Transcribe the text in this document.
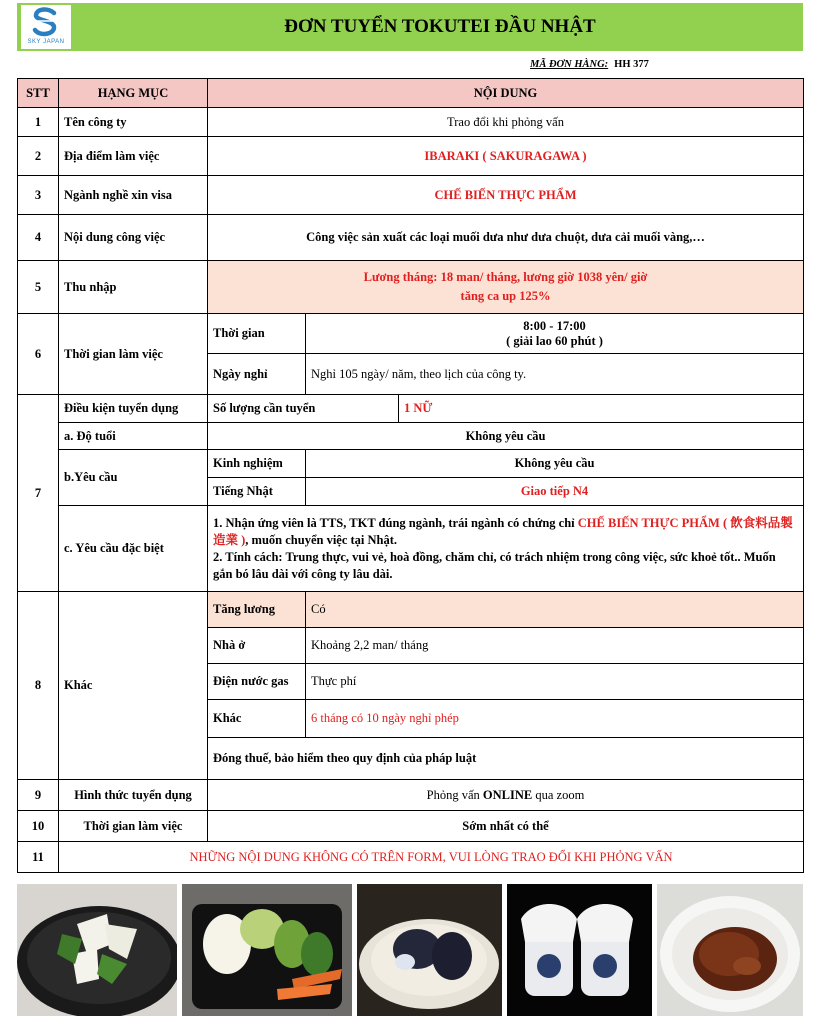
SKY JAPAN
ĐƠN TUYỂN TOKUTEI ĐẦU NHẬT
MÃ ĐƠN HÀNG: HH 377
STT	HẠNG MỤC	NỘI DUNG		
1	Tên công ty	Trao đổi khi phỏng vấn		
2	Địa điểm làm việc	IBARAKI ( SAKURAGAWA )		
3	Ngành nghề xin visa	CHẾ BIẾN THỰC PHẨM		
4	Nội dung công việc	Công việc sản xuất các loại muối dưa như dưa chuột, dưa cải muối vàng,…		
5	Thu nhập	Lương tháng: 18 man/ tháng, lương giờ 1038 yên/ giờ
tăng ca up 125%		

6	Thời gian làm việc	Thời gian	8:00 - 17:00
( giải lao 60 phút )	

		Ngày nghỉ	Nghỉ 105 ngày/ năm, theo lịch của công ty.	
7	Điều kiện tuyển dụng	Số lượng cần tuyển		1 NỮ
	a. Độ tuổi	Không yêu cầu		
	b.Yêu cầu	Kinh nghiệm	Không yêu cầu	
		Tiếng Nhật	Giao tiếp N4	
	c. Yêu cầu đặc biệt	1. Nhận ứng viên là TTS, TKT đúng ngành, trái ngành có chứng chỉ CHẾ BIẾN THỰC PHẨM ( 飲食料品製造業 ), muốn chuyển việc tại Nhật.
2. Tính cách: Trung thực, vui vẻ, hoà đồng, chăm chỉ, có trách nhiệm trong công việc, sức khoẻ tốt.. Muốn gắn bó lâu dài với công ty lâu dài.		

8	Khác	Tăng lương	Có	
		Nhà ở	Khoảng 2,2 man/ tháng	
		Điện nước gas	Thực phí	
		Khác	6 tháng có 10 ngày nghỉ phép	
		Đóng thuế, bảo hiểm theo quy định của pháp luật		
9	Hình thức tuyển dụng	Phỏng vấn ONLINE qua zoom		
10	Thời gian làm việc	Sớm nhất có thể		
11	NHỮNG NỘI DUNG KHÔNG CÓ TRÊN FORM, VUI LÒNG TRAO ĐỔI KHI PHỎNG VẤN			
